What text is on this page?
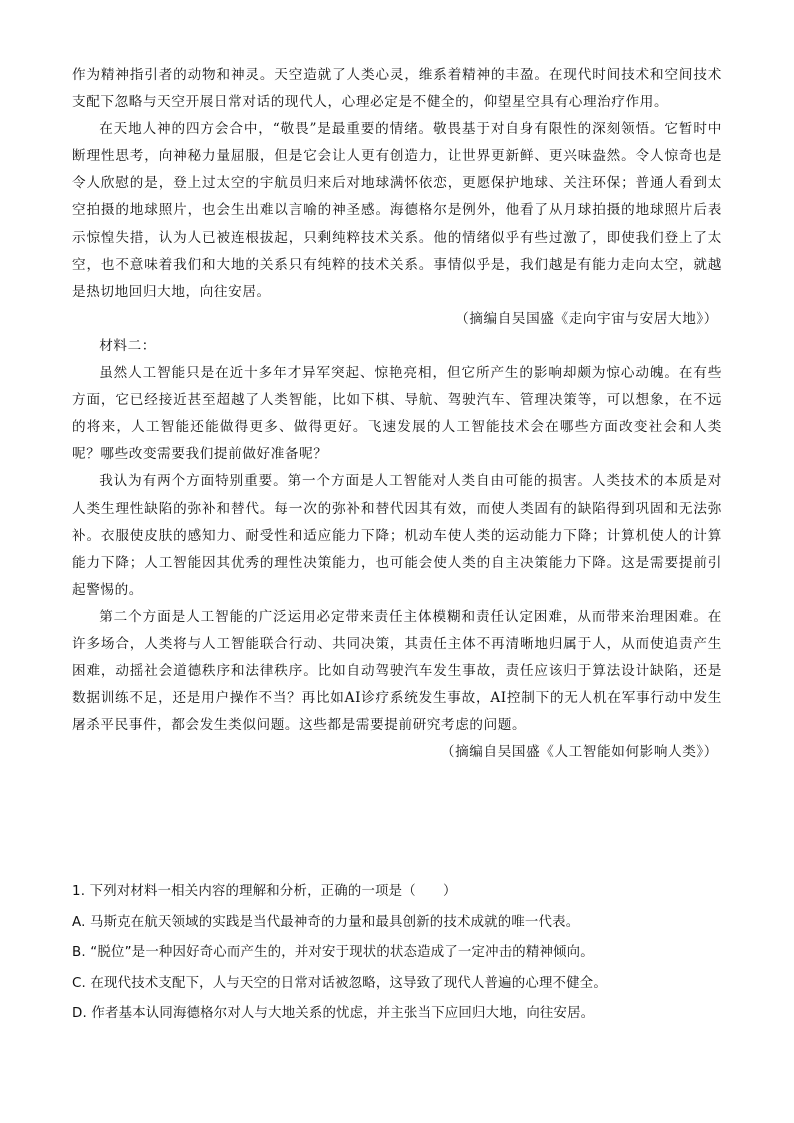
作为精神指引者的动物和神灵。天空造就了人类心灵，维系着精神的丰盈。在现代时间技术和空间技术支配下忽略与天空开展日常对话的现代人，心理必定是不健全的，仰望星空具有心理治疗作用。

在天地人神的四方会合中，“敬畏”是最重要的情绪。敬畏基于对自身有限性的深刻领悟。它暂时中断理性思考，向神秘力量屈服，但是它会让人更有创造力，让世界更新鲜、更兴味盎然。令人惊奇也是令人欣慰的是，登上过太空的宇航员归来后对地球满怀依恋，更愿保护地球、关注环保；普通人看到太空拍摄的地球照片，也会生出难以言喻的神圣感。海德格尔是例外，他看了从月球拍摄的地球照片后表示惊惶失措，认为人已被连根拔起，只剩纯粹技术关系。他的情绪似乎有些过激了，即使我们登上了太空，也不意味着我们和大地的关系只有纯粹的技术关系。事情似乎是，我们越是有能力走向太空，就越是热切地回归大地，向往安居。

（摘编自吴国盛《走向宇宙与安居大地》）

材料二：

虽然人工智能只是在近十多年才异军突起、惊艳亮相，但它所产生的影响却颇为惊心动魄。在有些方面，它已经接近甚至超越了人类智能，比如下棋、导航、驾驶汽车、管理决策等，可以想象，在不远的将来，人工智能还能做得更多、做得更好。飞速发展的人工智能技术会在哪些方面改变社会和人类呢？哪些改变需要我们提前做好准备呢？

我认为有两个方面特别重要。第一个方面是人工智能对人类自由可能的损害。人类技术的本质是对人类生理性缺陷的弥补和替代。每一次的弥补和替代因其有效，而使人类固有的缺陷得到巩固和无法弥补。衣服使皮肤的感知力、耐受性和适应能力下降；机动车使人类的运动能力下降；计算机使人的计算能力下降；人工智能因其优秀的理性决策能力，也可能会使人类的自主决策能力下降。这是需要提前引起警惕的。

第二个方面是人工智能的广泛运用必定带来责任主体模糊和责任认定困难，从而带来治理困难。在许多场合，人类将与人工智能联合行动、共同决策，其责任主体不再清晰地归属于人，从而使追责产生困难，动摇社会道德秩序和法律秩序。比如自动驾驶汽车发生事故，责任应该归于算法设计缺陷，还是数据训练不足，还是用户操作不当？再比如AI诊疗系统发生事故，AI控制下的无人机在军事行动中发生屠杀平民事件，都会发生类似问题。这些都是需要提前研究考虑的问题。

（摘编自吴国盛《人工智能如何影响人类》）

1. 下列对材料一相关内容的理解和分析，正确的一项是（　　）

A. 马斯克在航天领域的实践是当代最神奇的力量和最具创新的技术成就的唯一代表。

B. “脱位”是一种因好奇心而产生的，并对安于现状的状态造成了一定冲击的精神倾向。

C. 在现代技术支配下，人与天空的日常对话被忽略，这导致了现代人普遍的心理不健全。

D. 作者基本认同海德格尔对人与大地关系的忧虑，并主张当下应回归大地，向往安居。
